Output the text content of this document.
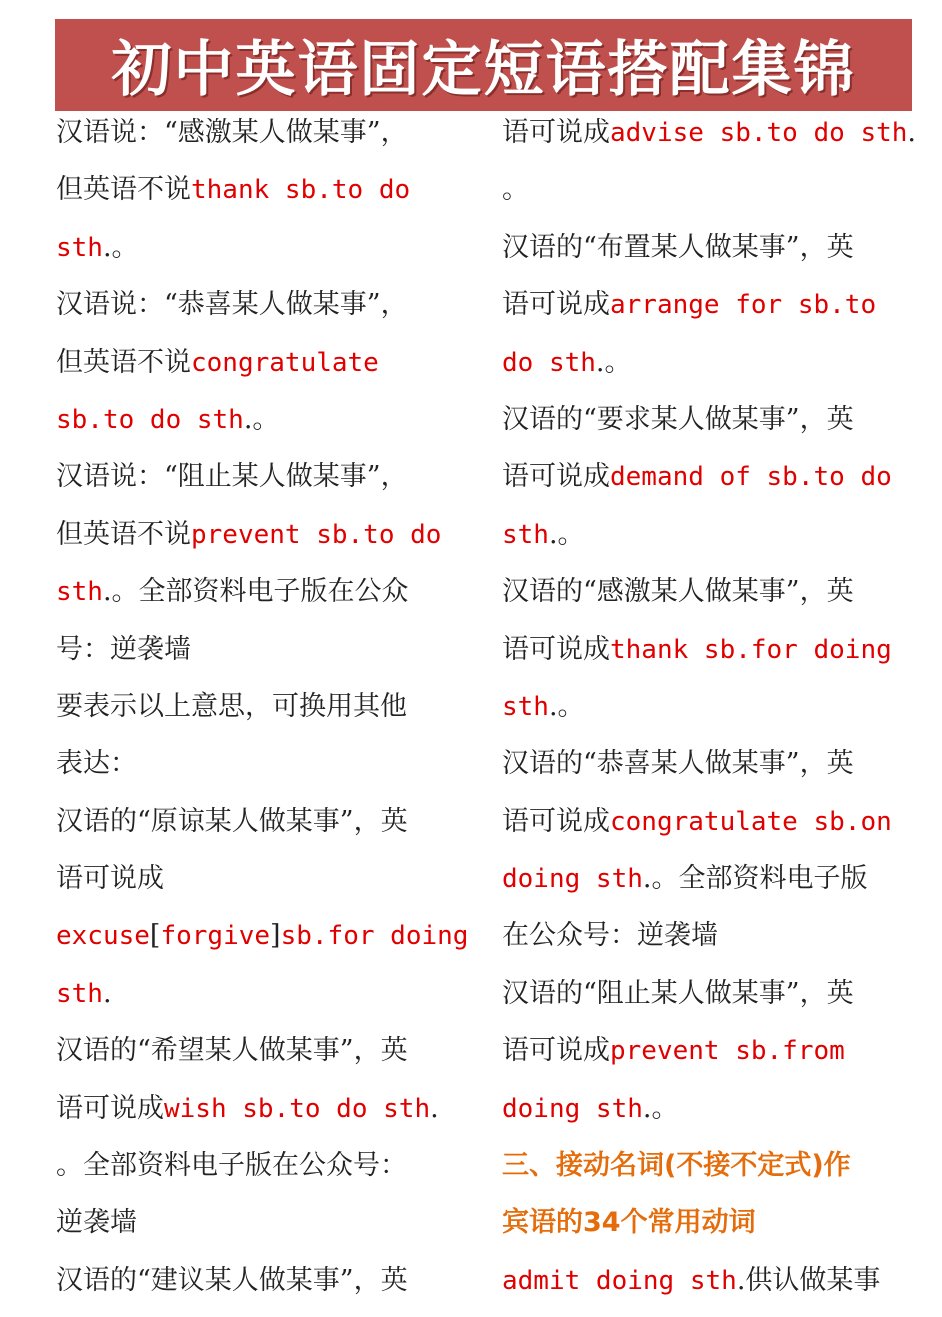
初中英语固定短语搭配集锦
汉语说：“感激某人做某事”，
但英语不说thank sb.to do
sth.。
汉语说：“恭喜某人做某事”，
但英语不说congratulate
sb.to do sth.。
汉语说：“阻止某人做某事”，
但英语不说prevent sb.to do
sth.。全部资料电子版在公众
号：逆袭墙
要表示以上意思，可换用其他
表达：
汉语的“原谅某人做某事”，英
语可说成
excuse[forgive]sb.for doing
sth.
汉语的“希望某人做某事”，英
语可说成wish sb.to do sth.
。全部资料电子版在公众号：
逆袭墙
汉语的“建议某人做某事”，英
语可说成advise sb.to do sth.
。
汉语的“布置某人做某事”，英
语可说成arrange for sb.to
do sth.。
汉语的“要求某人做某事”，英
语可说成demand of sb.to do
sth.。
汉语的“感激某人做某事”，英
语可说成thank sb.for doing
sth.。
汉语的“恭喜某人做某事”，英
语可说成congratulate sb.on
doing sth.。全部资料电子版
在公众号：逆袭墙
汉语的“阻止某人做某事”，英
语可说成prevent sb.from
doing sth.。
三、接动名词(不接不定式)作
宾语的34个常用动词
admit doing sth.供认做某事
